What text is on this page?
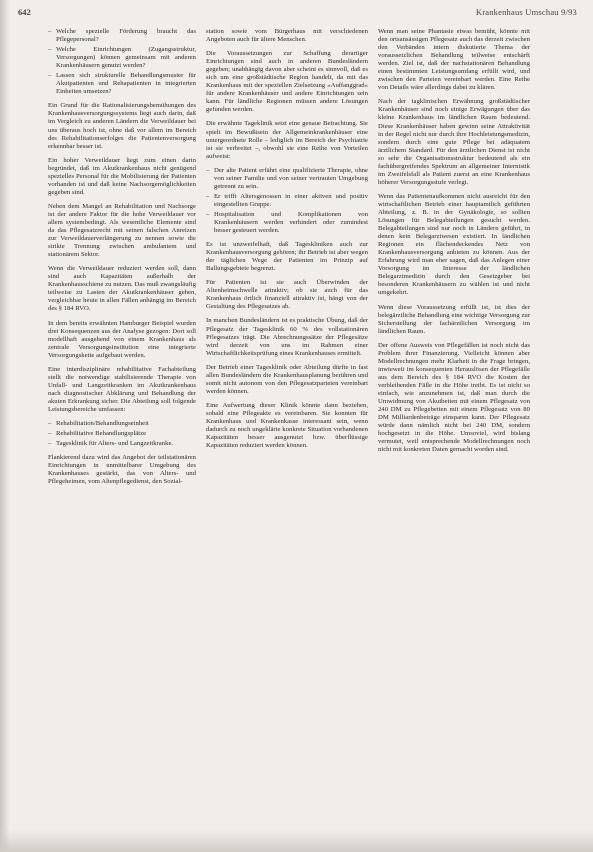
642	Krankenhaus Umschau 9/93
– Welche spezielle Förderung braucht das Pflegepersonal?
– Welche Einrichtungen (Zugangsstruktur, Versorgungen) können gemeinsam mit anderen Krankenhäusern genutzt werden?
– Lassen sich strukturelle Behandlungsmuster für Akutpatienten und Rehapatienten in integrierten Einheiten umsetzen?

Ein Grund für die Rationalisierungsbemühungen des Krankenhausversorgungssystems liegt auch darin, daß im Vergleich zu anderen Ländern die Verweildauer bei uns überaus hoch ist, ohne daß vor allem im Bereich des Rehabilitationserfolges die Patientenversorgung erkennbar besser ist.

Ein hoher Verweildauer liegt zum einen darin begründet, daß im Akutkrankenhaus nicht genügend spezielles Personal für die Mobilisierung der Patienten vorhanden ist und daß keine Nachsorgemöglichkeiten gegeben sind.

Neben dem Mangel an Rehabilitation und Nachsorge ist der andere Faktor für die hohe Verweildauer vor allem systembedingt. Als wesentliche Elemente sind da das Pflegesatzrecht mit seinen falschen Anreizen zur Verweildauerverlängerung zu nennen sowie die strikte Trennung zwischen ambulantem und stationärem Sektor.

Wenn die Verweildauer reduziert werden soll, dann sind auch Kapazitäten außerhalb der Krankenhausschiene zu nutzen. Das muß zwangsläufig teilweise zu Lasten der Akutkrankenhäuser gehen, vergleichbar heute in allen Fällen anhängig im Bereich des § 184 RVO.

In dem bereits erwähnten Hamburger Beispiel wurden drei Konsequenzen aus der Analyse gezogen: Dort soll modellhaft ausgehend von einem Krankenhaus als zentrale Versorgungsinstitution eine integrierte Versorgungskette aufgebaut werden.

Eine interdisziplinäre rehabilitative Fachabteilung stellt die notwendige stabilisierende Therapie von Unfall- und Langzeitkranken im Akutkrankenhaus nach diagnostischer Abklärung und Behandlung der akuten Erkrankung sicher. Die Abteilung soll folgende Leistungsbereiche umfassen:

– Rehabilitation/Behandlungseinheit
– Rehabilitative Behandlungsplätze
– Tagesklinik für Alters- und Langzeitkranke.

Flankierend dazu wird das Angebot der teilstationären Einrichtungen in unmittelbarer Umgebung des Krankenhauses gestärkt, das von Alters- und Pflegeheimen, vom Altenpflegedienst, den Sozial-

station sowie vom Bürgerhaus mit verschiedenen Angeboten auch für ältere Menschen.

Die Voraussetzungen zur Schaffung derartiger Einrichtungen sind auch in anderen Bundesländern gegeben; unabhängig davon aber scheint es sinnvoll, daß es sich um eine großstädtische Region handelt, da mit das Krankenhaus mit der speziellen Zielsetzung »Auffanggrad« für andere Krankenhäuser und andere Einrichtungen sein kann. Für ländliche Regionen müssen andere Lösungen gefunden werden.

Die erwähnte Tageklinik setzt eine genaue Betrachtung. Sie spielt im Bewußtsein der Allgemeinkrankenhäuser eine untergeordnete Rolle – lediglich im Bereich der Psychiatrie ist sie verbreitet –, obwohl sie eine Reihe von Vorteilen aufweist:

– Der alte Patient erfährt eine qualifizierte Therapie, ohne von seiner Familie und von seiner vertrauten Umgebung getrennt zu sein.
– Er trifft Altersgenossen in einer aktiven und positiv eingestellten Gruppe.
– Hospitalisation und Komplikationen von Krankenhäusern werden verhindert oder zumindest besser gesteuert werden.

Es ist unzweifelhaft, daß Tageskliniken auch zur Krankenhausversorgung gehören; ihr Betrieb ist aber wegen der täglichen Wege der Patienten im Prinzip auf Ballungsgebiete begrenzt.

Für Patienten ist sie auch Überwinden der Altenheimschwelle attraktiv; ob sie auch für das Krankenhaus örtlich finanziell attraktiv ist, hängt von der Gestaltung des Pflegesatzes ab.

In manchen Bundesländern ist es praktische Übung, daß der Pflegesatz der Tagesklinik 60 % des vollstationären Pflegesatzes trägt. Die Abrechnungssätze der Pflegesätze wird derzeit von uns im Rahmen einer Wirtschaftlichkeitsprüfung eines Krankenhauses ermittelt.

Der Betrieb einer Tagesklinik oder Abteilung dürfte in fast allen Bundesländern die Krankenhausplanung berühren und somit nicht autonom von den Pflegesatzparteien vereinbart werden können.

Eine Aufwertung dieser Klinik könnte dann beziehen, sobald eine Pflegeakte es vereinbaren. Sie konnten für Krankenhaus und Krankenkasse interessant sein, wenn dadurch zu noch ungeklärte konkrete Situation vorhandenen Kapazitäten besser ausgenutzt bzw. überflüssige Kapazitäten reduziert werden können.

Wenn man seine Phantasie etwas bemüht, könnte mit den ortsansässigen Pflegesatz auch das derzeit zwischen den Verbänden intern diskutierte Thema der voraussetzlichen Behandlung teilweise entschärft werden. Ziel ist, daß der nachstationären Behandlung einen bestimmten Leistungsumfang erfüllt wird, und zwischen den Parteien vereinbart werden. Eine Reihe von Details wäre allerdings dabei zu klären.

Nach der tagklinischen Erwähnung großstädtischer Krankenhäuser sind noch einige Erwägungen über das kleine Krankenhaus im ländlichen Raum bedeutend. Diese Krankenhäuser haben gewinn seine Attraktivität in der Regel nicht nur durch ihre Hochleistungsmedizin, sondern durch eine gute Pflege bei adäquatem ärztlichem Standard. Für den ärztlichen Dienst ist nicht so sehr die Organisationsstruktur bedeutend als ein fachübergreifendes Spektrum an allgemeiner Internistik im Zweifelsfall als Patient zuerst an eine Krankenhaus höherer Versorgungsstufe verlegt.

Wenn das Patientenaufkommen nicht ausreicht für den wirtschaftlichen Betrieb einer hauptamtlich geführten Abteilung, z. B. in der Gynäkologie, so sollten Lösungen für Belegabteilungen gesucht werden. Belegabteilungen sind nur noch in Ländern geführt, in denen kein Belegarztwesen existiert. In ländlichen Regionen ein flächendeckendes Netz von Krankenhausversorgung anbieten zu können. Aus der Erfahrung wird man eher sagen, daß das Anlegen einer Vorsorgung im Interesse der ländlichen Belegarztmedizin durch den Gesetzgeber bei besonderen Krankenhäusern zu wählen ist und nicht umgekehrt.

Wenn diese Voraussetzung erfüllt ist, ist dies der belegärztliche Behandlung eine wichtige Versorgung zur Sicherstellung der fachärztlichen Versorgung im ländlichen Raum.

Der offene Ausweis von Pflegefällen ist noch nicht das Problem ihrer Finanzierung. Vielleicht können aber Modellrechnungen mehr Klarheit in die Frage bringen, inwieweit im konsequenten Herauslösen der Pflegefälle aus dem Bereich des § 184 RVO die Kosten der verbleibenden Fälle in die Höhe treibt. Es ist nicht so einfach, wie anzunehmen ist, daß man durch die Umwidmung von Akutbetten mit einem Pflegesatz von 240 DM zu Pflegebetten mit einem Pflegesatz von 80 DM Milliardenbeträge einsparen kann. Der Pflegesatz würde dann nämlich nicht bei 240 DM, sondern hochgesetzt in die Höhe. Umsoviel, wird bislang vermutet, weil entsprechende Modellrechnungen noch nicht mit konkreten Daten gemacht worden sind.
